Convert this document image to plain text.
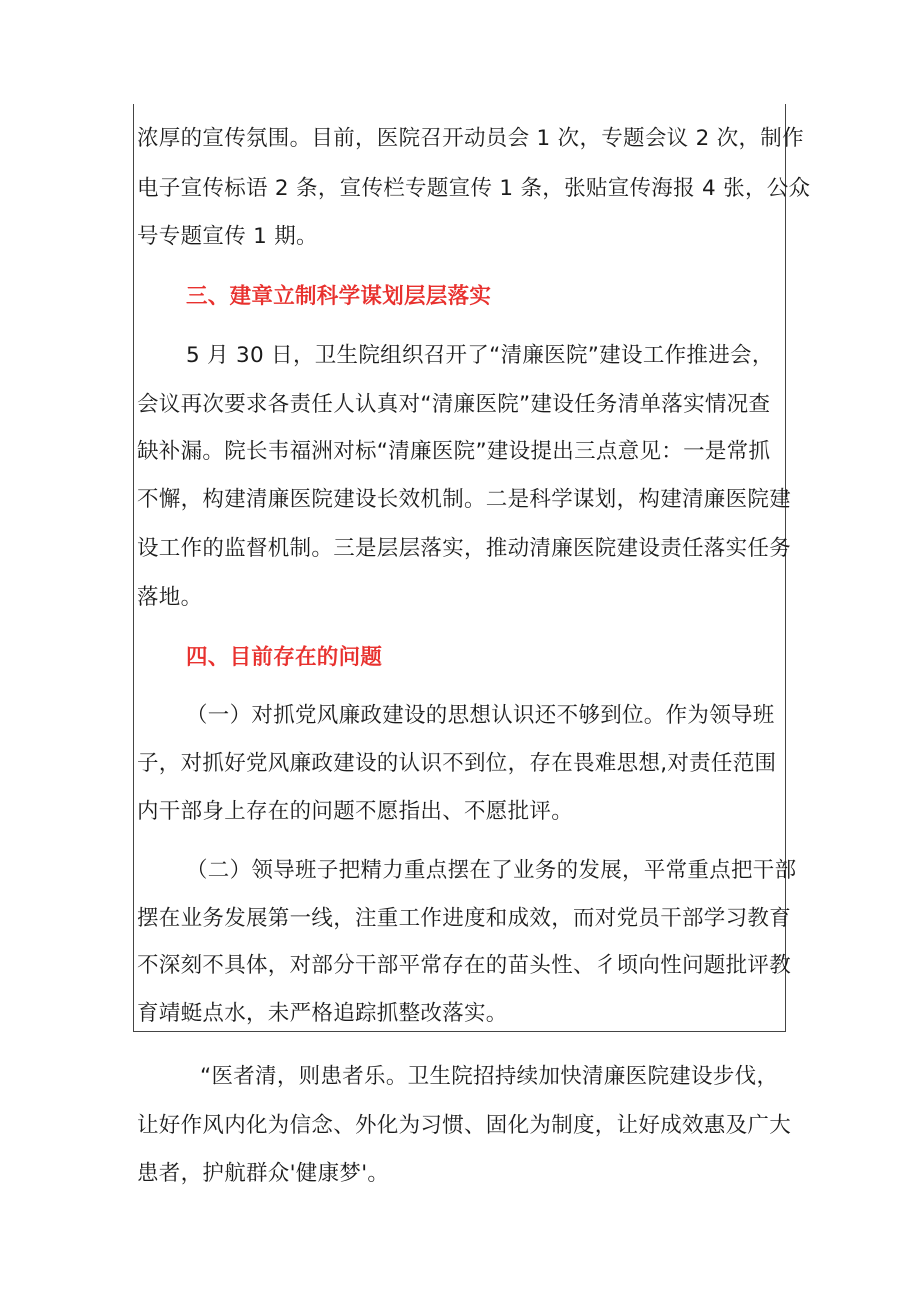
浓厚的宣传氛围。目前，医院召开动员会 1 次，专题会议 2 次，制作
电子宣传标语 2 条，宣传栏专题宣传 1 条，张贴宣传海报 4 张，公众
号专题宣传 1 期。
三、建章立制科学谋划层层落实
5 月 30 日，卫生院组织召开了“清廉医院”建设工作推进会，
会议再次要求各责任人认真对“清廉医院”建设任务清单落实情况查
缺补漏。院长韦福洲对标“清廉医院”建设提出三点意见：一是常抓
不懈，构建清廉医院建设长效机制。二是科学谋划，构建清廉医院建
设工作的监督机制。三是层层落实，推动清廉医院建设责任落实任务
落地。
四、目前存在的问题
（一）对抓党风廉政建设的思想认识还不够到位。作为领导班
子，对抓好党风廉政建设的认识不到位，存在畏难思想,对责任范围
内干部身上存在的问题不愿指出、不愿批评。
（二）领导班子把精力重点摆在了业务的发展，平常重点把干部
摆在业务发展第一线，注重工作进度和成效，而对党员干部学习教育
不深刻不具体，对部分干部平常存在的苗头性、彳顷向性问题批评教
育靖蜓点水，未严格追踪抓整改落实。
“医者清，则患者乐。卫生院招持续加快清廉医院建设步伐，
让好作风内化为信念、外化为习惯、固化为制度，让好成效惠及广大
患者，护航群众'健康梦'。
